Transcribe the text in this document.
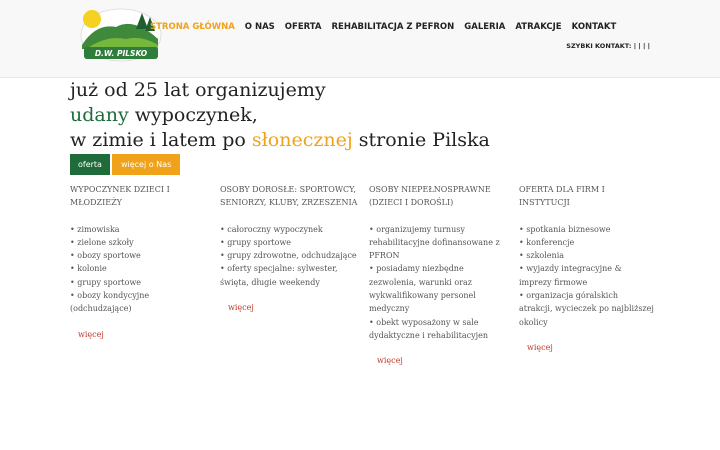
D.W. PILSKO
STRONA GŁÓWNA	O NAS	OFERTA	REHABILITACJA Z PEFRON	GALERIA	ATRAKCJE	KONTAKT
SZYBKI KONTAKT: | | | |
już od 25 lat organizujemy
udany wypoczynek,
w zimie i latem po słonecznej stronie Pilska
oferta	więcej o Nas
WYPOCZYNEK DZIECI I MŁODZIEŻY
• zimowiska
• zielone szkoły
• obozy sportowe
• kolonie
• grupy sportowe
• obozy kondycyjne (odchudzające)
więcej
OSOBY DOROSŁE: SPORTOWCY, SENIORZY, KLUBY, ZRZESZENIA
• całoroczny wypoczynek
• grupy sportowe
• grupy zdrowotne, odchudzające
• oferty specjalne: sylwester, święta, długie weekendy
więcej
OSOBY NIEPEŁNOSPRAWNE (DZIECI I DOROŚLI)
• organizujemy turnusy rehabilitacyjne dofinansowane z PFRON
• posiadamy niezbędne zezwolenia, warunki oraz wykwalifikowany personel medyczny
• obekt wyposażony w sale dydaktyczne i rehabilitacyjen
więcej
OFERTA DLA FIRM I INSTYTUCJI
• spotkania biznesowe
• konferencje
• szkolenia
• wyjazdy integracyjne & imprezy firmowe
• organizacja góralskich atrakcji, wycieczek po najbliższej okolicy
więcej
